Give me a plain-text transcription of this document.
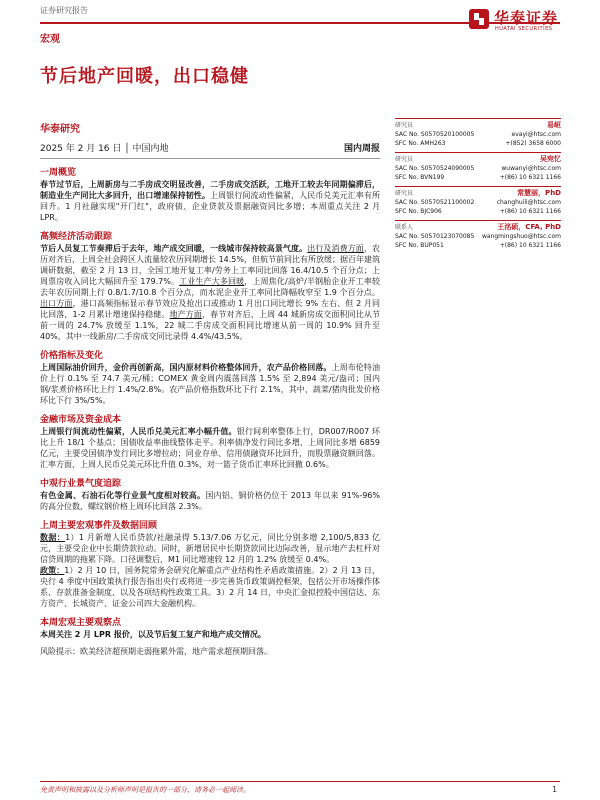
证券研究报告
宏观
华泰证券
HUATAI SECURITIES
节后地产回暖，出口稳健
华泰研究
2025 年 2 月 16 日 │ 中国内地	国内周报
一周概览

春节过节后，上周新房与二手房成交明显改善，二手房成交活跃，工地开工较去年同期偏滞后，制造业生产同比大多回升，出口增速保持韧性。上周银行间流动性偏紧，人民币兑美元汇率有所回升。1 月社融实现"开门红"，政府债、企业贷款及票据融资同比多增；本周重点关注 2 月 LPR。

高频经济活动跟踪

节后人员复工节奏滞后于去年，地产成交回暖，一线城市保持较高景气度。出行及消费方面，农历对齐后，上周全社会跨区人流量较农历同期增长 14.5%，但航节前同比有所放缓；据百年建筑调研数据，截至 2 月 13 日，全国工地开复工率/劳务上工率同比回落 16.4/10.5 个百分点；上周票房收入同比大幅回升至 179.7%。工业生产大多回暖，上周焦化/高炉/半钢胎企业开工率较去年农历同期上行 0.8/1.7/10.8 个百分点，而水泥企业开工率同比降幅收窄至 1.9 个百分点。出口方面，港口高频指标显示春节效应及抢出口或推动 1 月出口同比增长 9% 左右、但 2 月同比回落，1-2 月累计增速保持稳健。地产方面，春节对齐后，上周 44 城新房成交面积同比从节前一周的 24.7% 放缓至 1.1%，22 城二手房成交面积同比增速从前一周的 10.9% 回升至 40%，其中一线新房/二手房成交同比录得 4.4%/43.5%。

价格指标及变化

上周国际油价回升，金价再创新高，国内原材料价格整体回升，农产品价格回落。上周布伦特油价上行 0.1% 至 74.7 美元/桶；COMEX 黄金周内震荡回落 1.5% 至 2,894 美元/盎司；国内钢/浆煮价格环比上行 1.4%/2.8%。农产品价格指数环比下行 2.1%，其中，蔬菜/猪肉批发价格环比下行 3%/5%。

金融市场及资金成本

上周银行间流动性偏紧，人民币兑美元汇率小幅升值。银行间利率整体上行，DR007/R007 环比上升 18/1 个基点；国债收益率曲线整体走平。利率债净发行同比多增，上周同比多增 6859 亿元，主要受国债净发行同比多增拉动；同业存单、信用债融资环比回升，而股票融资额回落。汇率方面，上周人民币兑美元环比升值 0.3%，对一篮子货币汇率环比回撤 0.6%。

中观行业景气度追踪

有色金属、石油石化等行业景气度相对较高。国内铝、铜价格仍位于 2013 年以来 91%-96% 的高分位数，螺纹钢价格上周环比回落 2.3%。

上周主要宏观事件及数据回顾

数据：1）1 月新增人民币贷款/社融录得 5.13/7.06 万亿元，同比分别多增 2,100/5,833 亿元，主要受企业中长期贷款拉动。同时，新增居民中长期贷款同比边际改善，显示地产去杠杆对信贷周期的拖累下降。口径调整后，M1 同比增速较 12 月的 1.2% 放缓至 0.4%。

政策：1）2 月 10 日，国务院常务会研究化解重点产业结构性矛盾政策措施。2）2 月 13 日，央行 4 季度中国政策执行报告指出央行或将进一步完善货币政策调控框架，包括公开市场操作体系、存款准备金制度、以及各项结构性政策工具。3）2 月 14 日，中央汇金拟控股中国信达、东方资产、长城资产、证金公司四大金融机构。

本周宏观主要观察点

本周关注 2 月 LPR 报价，以及节后复工复产和地产成交情况。

风险提示：欧美经济超预期走弱拖累外需，地产需求超预期回落。

研究员	易峘
SAC No. S0570520100005	evayi@htsc.com
SFC No. AMH263	+(852) 3658 6000
研究员	吴宛忆
SAC No. S0570524090005	wuwanyi@htsc.com
SFC No. BVN199	+(86) 10 6321 1166
研究员	常慧丽，PhD
SAC No. S0570521100002	changhuili@htsc.com
SFC No. BJC906	+(86) 10 6321 1166
联系人	王洺硕，CFA, PhD
SAC No. S0570123070085 wangmingshuo@htsc.com
SFC No. BUP051	+(86) 10 6321 1166
免责声明和披露以及分析师声明是报告的一部分，请务必一起阅读。	1
